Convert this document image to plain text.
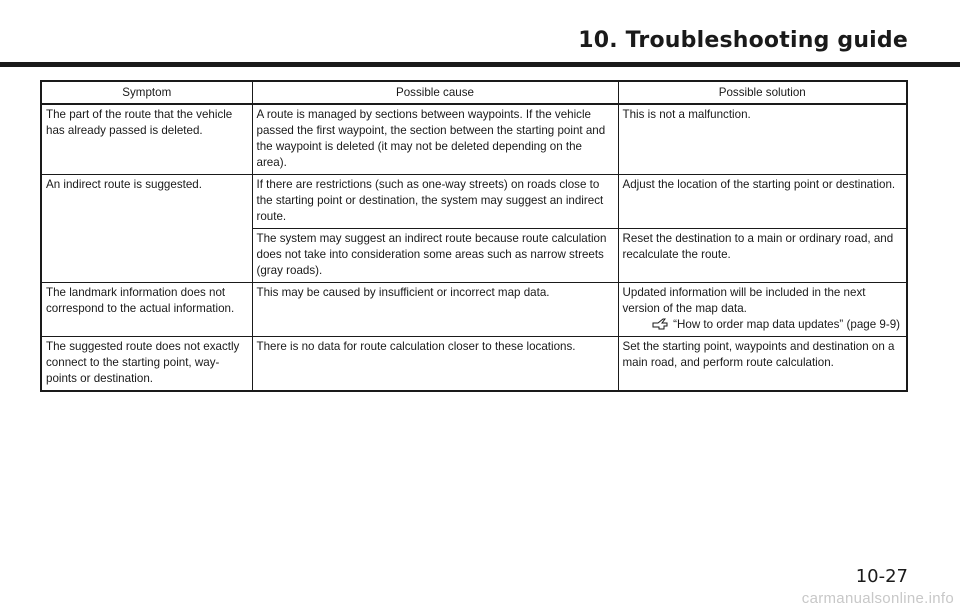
10. Troubleshooting guide
Symptom	Possible cause	Possible solution
The part of the route that the vehicle has already passed is deleted.	A route is managed by sections between waypoints. If the vehicle passed the first waypoint, the section between the starting point and the waypoint is deleted (it may not be deleted depending on the area).	This is not a malfunction.
An indirect route is suggested.	If there are restrictions (such as one-way streets) on roads close to the starting point or destination, the system may suggest an indirect route.	Adjust the location of the starting point or destination.
	The system may suggest an indirect route because route calculation does not take into consideration some areas such as narrow streets (gray roads).	Reset the destination to a main or ordinary road, and recalculate the route.
The landmark information does not correspond to the actual information.	This may be caused by insufficient or incorrect map data.	Updated information will be included in the next version of the map data.
“How to order map data updates” (page 9-9)

The suggested route does not exactly connect to the starting point, way-points or destination.	There is no data for route calculation closer to these locations.	Set the starting point, waypoints and destination on a main road, and perform route calculation.
10-27
carmanualsonline.info
